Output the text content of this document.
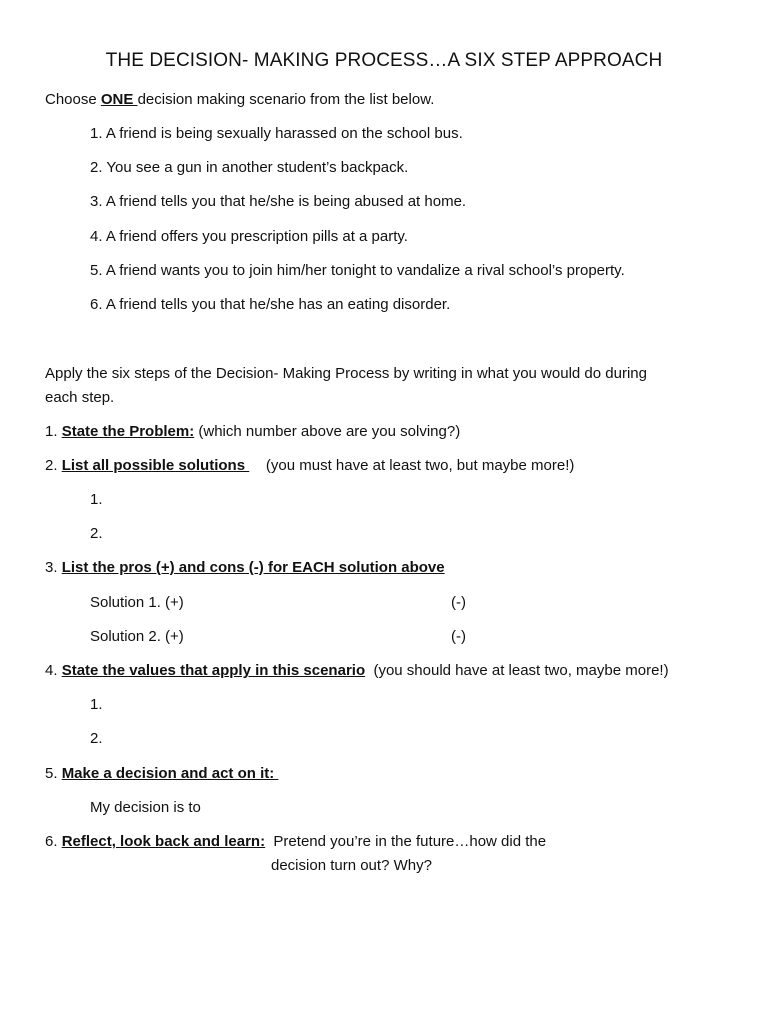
THE DECISION- MAKING PROCESS…A SIX STEP APPROACH
Choose ONE decision making scenario from the list below.
1. A friend is being sexually harassed on the school bus.
2. You see a gun in another student’s backpack.
3. A friend tells you that he/she is being abused at home.
4. A friend offers you prescription pills at a party.
5. A friend wants you to join him/her tonight to vandalize a rival school’s property.
6. A friend tells you that he/she has an eating disorder.
Apply the six steps of the Decision- Making Process by writing in what you would do during
each step.
1. State the Problem: (which number above are you solving?)
2. List all possible solutions     (you must have at least two, but maybe more!)
1.
2.
3. List the pros (+) and cons (-) for EACH solution above
Solution 1. (+)	(-)
Solution 2. (+)	(-)
4. State the values that apply in this scenario  (you should have at least two, maybe more!)
1.
2.
5. Make a decision and act on it:
My decision is to
6. Reflect, look back and learn:  Pretend you’re in the future…how did the
decision turn out? Why?
